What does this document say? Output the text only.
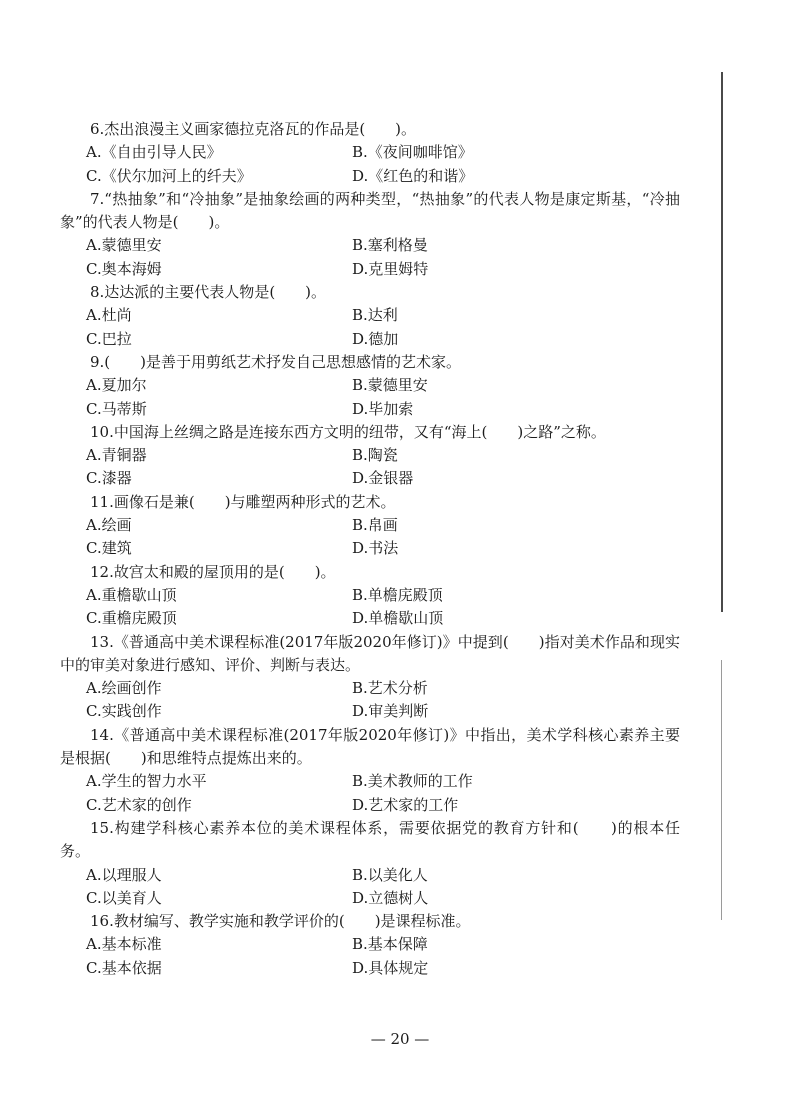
6.杰出浪漫主义画家德拉克洛瓦的作品是(　　)。

A.《自由引导人民》	B.《夜间咖啡馆》
C.《伏尔加河上的纤夫》	D.《红色的和谐》

7.“热抽象”和“冷抽象”是抽象绘画的两种类型，“热抽象”的代表人物是康定斯基，“冷抽象”的代表人物是(　　)。

A.蒙德里安	B.塞利格曼
C.奥本海姆	D.克里姆特

8.达达派的主要代表人物是(　　)。

A.杜尚	B.达利
C.巴拉	D.德加

9.(　　)是善于用剪纸艺术抒发自己思想感情的艺术家。

A.夏加尔	B.蒙德里安
C.马蒂斯	D.毕加索

10.中国海上丝绸之路是连接东西方文明的纽带，又有“海上(　　)之路”之称。

A.青铜器	B.陶瓷
C.漆器	D.金银器

11.画像石是兼(　　)与雕塑两种形式的艺术。

A.绘画	B.帛画
C.建筑	D.书法

12.故宫太和殿的屋顶用的是(　　)。

A.重檐歇山顶	B.单檐庑殿顶
C.重檐庑殿顶	D.单檐歇山顶

13.《普通高中美术课程标准(2017年版2020年修订)》中提到(　　)指对美术作品和现实中的审美对象进行感知、评价、判断与表达。

A.绘画创作	B.艺术分析
C.实践创作	D.审美判断

14.《普通高中美术课程标准(2017年版2020年修订)》中指出，美术学科核心素养主要是根据(　　)和思维特点提炼出来的。

A.学生的智力水平	B.美术教师的工作
C.艺术家的创作	D.艺术家的工作

15.构建学科核心素养本位的美术课程体系，需要依据党的教育方针和(　　)的根本任务。

A.以理服人	B.以美化人
C.以美育人	D.立德树人

16.教材编写、教学实施和教学评价的(　　)是课程标准。

A.基本标准	B.基本保障
C.基本依据	D.具体规定
— 20 —
